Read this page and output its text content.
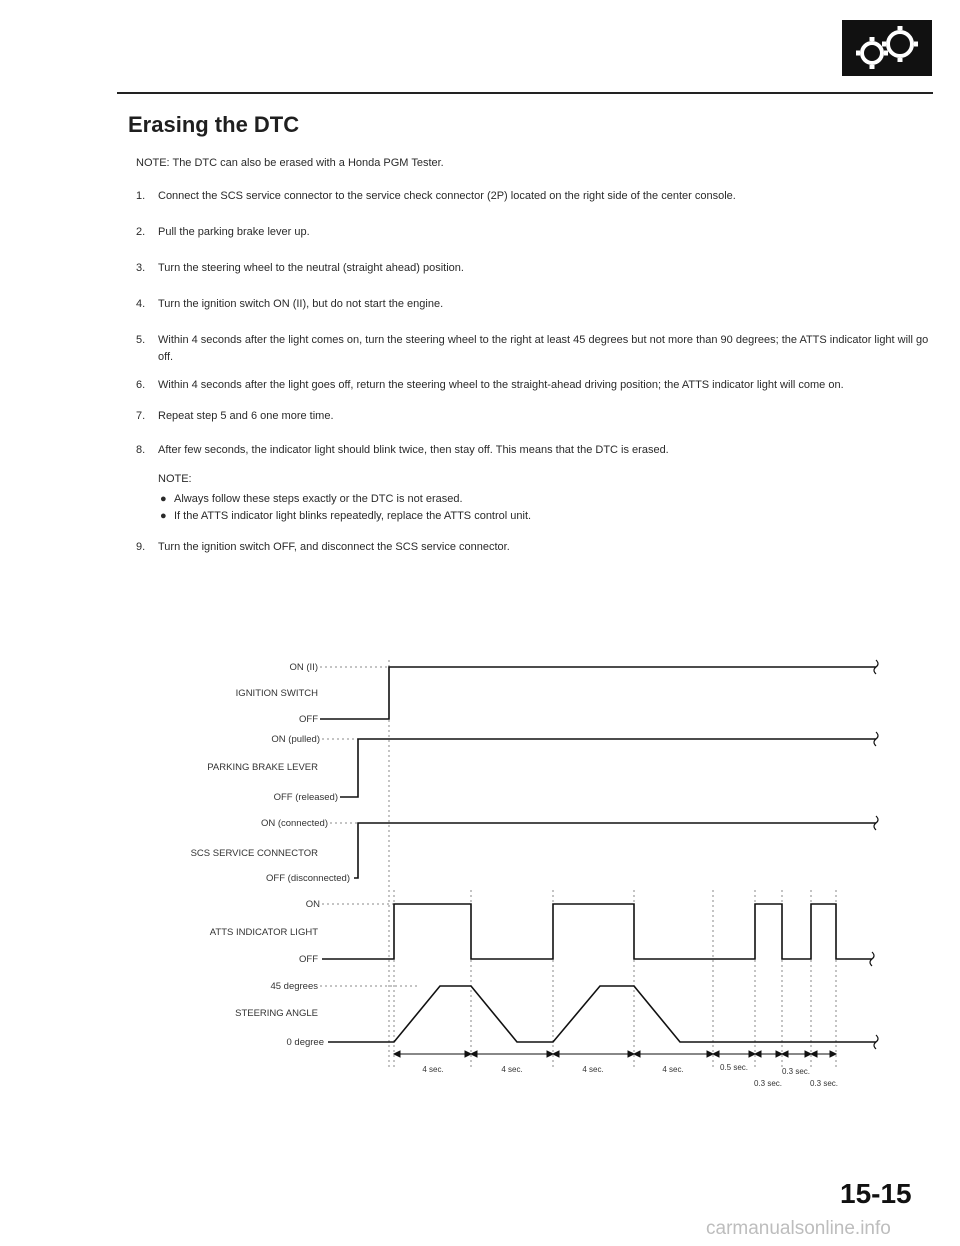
Erasing the DTC
NOTE: The DTC can also be erased with a Honda PGM Tester.
1. Connect the SCS service connector to the service check connector (2P) located on the right side of the center console.
2. Pull the parking brake lever up.
3. Turn the steering wheel to the neutral (straight ahead) position.
4. Turn the ignition switch ON (II), but do not start the engine.
5. Within 4 seconds after the light comes on, turn the steering wheel to the right at least 45 degrees but not more than 90 degrees; the ATTS indicator light will go off.
6. Within 4 seconds after the light goes off, return the steering wheel to the straight-ahead driving position; the ATTS indicator light will come on.
7. Repeat step 5 and 6 one more time.
8. After few seconds, the indicator light should blink twice, then stay off. This means that the DTC is erased.
NOTE:
● Always follow these steps exactly or the DTC is not erased.
● If the ATTS indicator light blinks repeatedly, replace the ATTS control unit.
9. Turn the ignition switch OFF, and disconnect the SCS service connector.
ON (II)
IGNITION SWITCH
OFF
ON (pulled)
PARKING BRAKE LEVER
OFF (released)
ON (connected)
SCS SERVICE CONNECTOR
OFF (disconnected)
ON
ATTS INDICATOR LIGHT
OFF
45 degrees
STEERING ANGLE
0 degree
4 sec.	4 sec.	4 sec.	4 sec.	0.5 sec.	0.3 sec.
0.3 sec.	0.3 sec.
15-15
carmanualsonline.info
